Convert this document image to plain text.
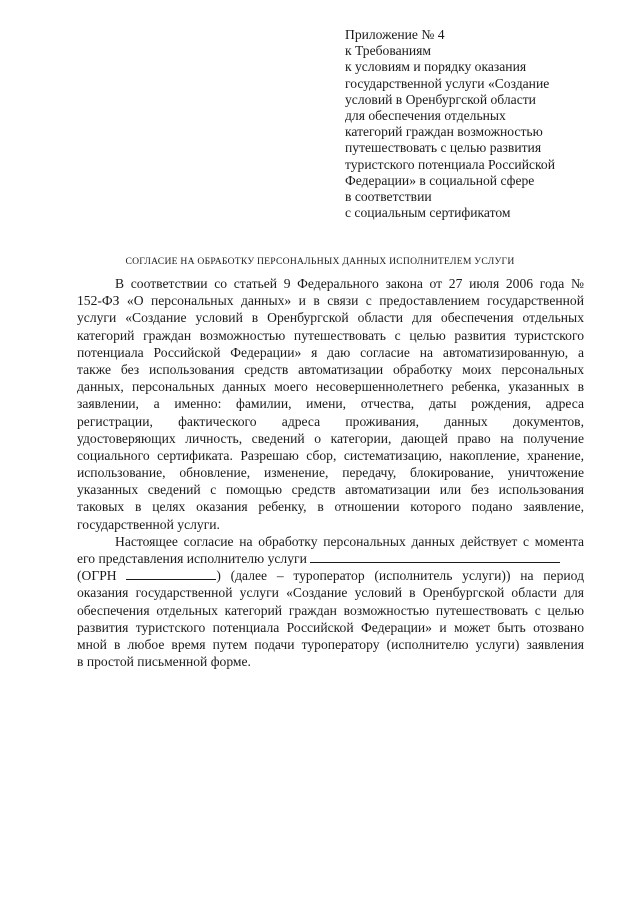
Приложение № 4
к Требованиям
к условиям и порядку оказания
государственной услуги «Создание
условий в Оренбургской области
для обеспечения отдельных
категорий граждан возможностью
путешествовать с целью развития
туристского потенциала Российской
Федерации» в социальной сфере
в соответствии
с социальным сертификатом
СОГЛАСИЕ НА ОБРАБОТКУ ПЕРСОНАЛЬНЫХ ДАННЫХ ИСПОЛНИТЕЛЕМ УСЛУГИ
В соответствии со статьей 9 Федерального закона от 27 июля 2006 года №
152-ФЗ «О персональных данных» и в связи с предоставлением государственной
услуги «Создание условий в Оренбургской области для обеспечения отдельных
категорий граждан возможностью путешествовать с целью развития туристского
потенциала Российской Федерации» я даю согласие на автоматизированную, а
также без использования средств автоматизации обработку моих персональных
данных, персональных данных моего несовершеннолетнего ребенка, указанных в
заявлении, а именно: фамилии, имени, отчества, даты рождения, адреса
регистрации, фактического адреса проживания, данных документов,
удостоверяющих личность, сведений о категории, дающей право на получение
социального сертификата. Разрешаю сбор, систематизацию, накопление, хранение,
использование, обновление, изменение, передачу, блокирование, уничтожение
указанных сведений с помощью средств автоматизации или без использования
таковых в целях оказания ребенку, в отношении которого подано заявление,
государственной услуги.
Настоящее согласие на обработку персональных данных действует с момента
его представления исполнителю услуги
(ОГРН	) (далее – туроператор (исполнитель услуги)) на период
оказания государственной услуги «Создание условий в Оренбургской области для
обеспечения отдельных категорий граждан возможностью путешествовать с целью
развития туристского потенциала Российской Федерации» и может быть отозвано
мной в любое время путем подачи туроператору (исполнителю услуги) заявления
в простой письменной форме.
